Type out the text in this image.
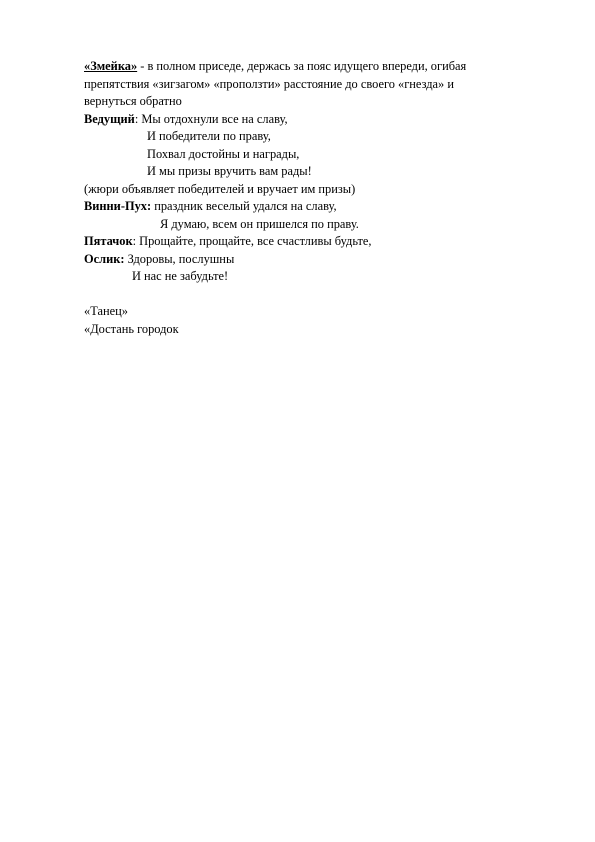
«Змейка» - в полном приседе, держась за пояс идущего впереди, огибая
препятствия «зигзагом» «проползти» расстояние до своего «гнезда» и
вернуться обратно
Ведущий: Мы отдохнули все на славу,
И победители по праву,
Похвал достойны и награды,
И мы призы вручить вам рады!
(жюри объявляет победителей и вручает им призы)
Винни-Пух: праздник веселый удался на славу,
Я думаю, всем он пришелся по праву.
Пятачок: Прощайте, прощайте, все счастливы будьте,
Ослик: Здоровы, послушны
И нас не забудьте!
«Танец»
«Достань городок
